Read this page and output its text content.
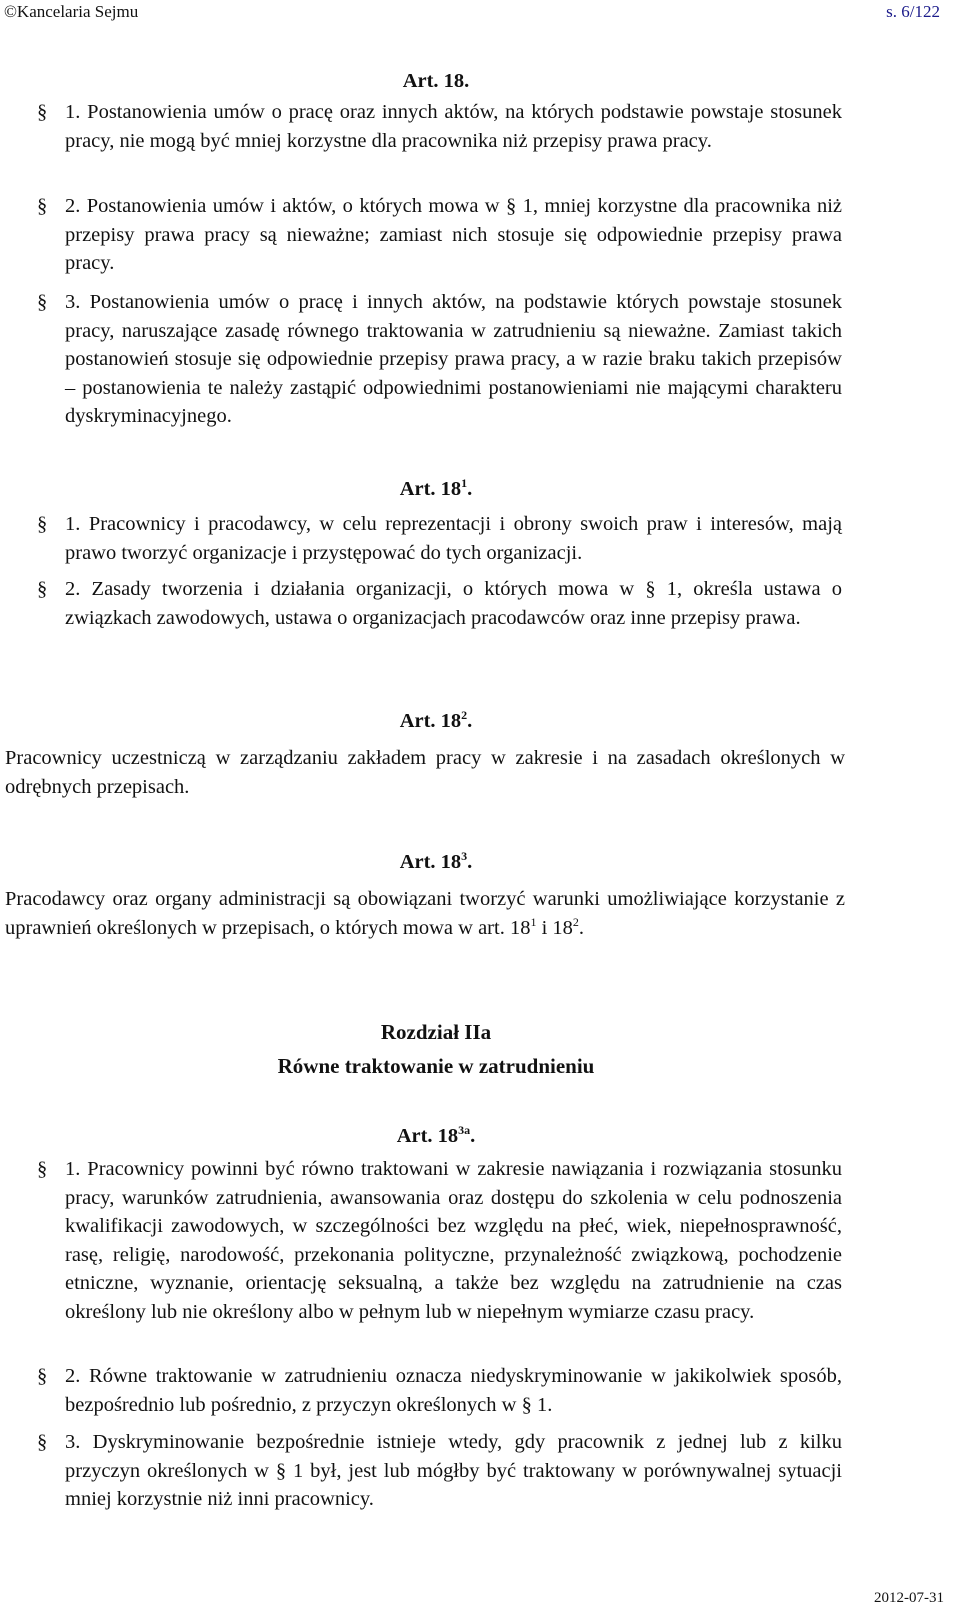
©Kancelaria Sejmu	s. 6/122
Art. 18.
§ 1. Postanowienia umów o pracę oraz innych aktów, na których podstawie powstaje stosunek pracy, nie mogą być mniej korzystne dla pracownika niż przepisy prawa pracy.
§ 2. Postanowienia umów i aktów, o których mowa w § 1, mniej korzystne dla pracownika niż przepisy prawa pracy są nieważne; zamiast nich stosuje się odpowiednie przepisy prawa pracy.
§ 3. Postanowienia umów o pracę i innych aktów, na podstawie których powstaje stosunek pracy, naruszające zasadę równego traktowania w zatrudnieniu są nieważne. Zamiast takich postanowień stosuje się odpowiednie przepisy prawa pracy, a w razie braku takich przepisów – postanowienia te należy zastąpić odpowiednimi postanowieniami nie mającymi charakteru dyskryminacyjnego.
Art. $18^1$.
§ 1. Pracownicy i pracodawcy, w celu reprezentacji i obrony swoich praw i interesów, mają prawo tworzyć organizacje i przystępować do tych organizacji.
§ 2. Zasady tworzenia i działania organizacji, o których mowa w § 1, określa ustawa o związkach zawodowych, ustawa o organizacjach pracodawców oraz inne przepisy prawa.
Art. $18^2$.
Pracownicy uczestniczą w zarządzaniu zakładem pracy w zakresie i na zasadach określonych w odrębnych przepisach.
Art. $18^3$.
Pracodawcy oraz organy administracji są obowiązani tworzyć warunki umożliwiające korzystanie z uprawnień określonych w przepisach, o których mowa w art. $18^1$ i $18^2$.
Rozdział IIa
Równe traktowanie w zatrudnieniu
Art. $18^{3a}$.
§ 1. Pracownicy powinni być równo traktowani w zakresie nawiązania i rozwiązania stosunku pracy, warunków zatrudnienia, awansowania oraz dostępu do szkolenia w celu podnoszenia kwalifikacji zawodowych, w szczególności bez względu na płeć, wiek, niepełnosprawność, rasę, religię, narodowość, przekonania polityczne, przynależność związkową, pochodzenie etniczne, wyznanie, orientację seksualną, a także bez względu na zatrudnienie na czas określony lub nie określony albo w pełnym lub w niepełnym wymiarze czasu pracy.
§ 2. Równe traktowanie w zatrudnieniu oznacza niedyskryminowanie w jakikolwiek sposób, bezpośrednio lub pośrednio, z przyczyn określonych w § 1.
§ 3. Dyskryminowanie bezpośrednie istnieje wtedy, gdy pracownik z jednej lub z kilku przyczyn określonych w § 1 był, jest lub mógłby być traktowany w porównywalnej sytuacji mniej korzystnie niż inni pracownicy.
2012-07-31
